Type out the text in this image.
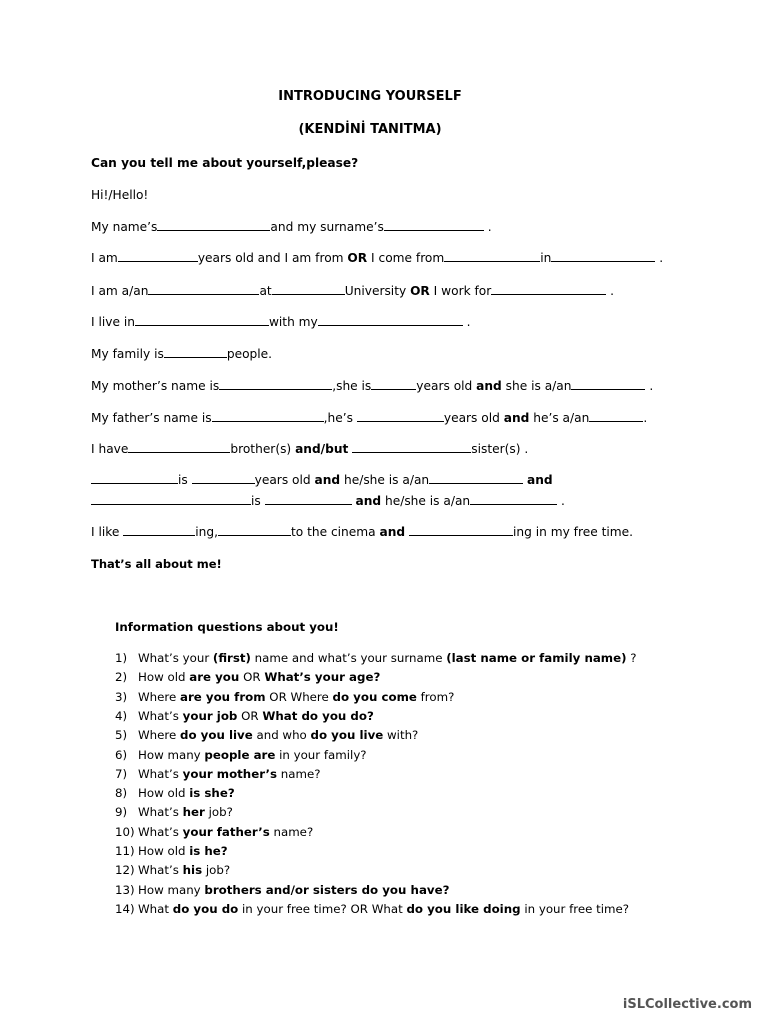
INTRODUCING YOURSELF
(KENDİNİ TANITMA)
Can you tell me about yourself,please?
Hi!/Hello!
My name’s	and my surname’s	.
I am	years old and I am from OR I come from	in	.
I am a/an	at	University OR I work for	.
I live in	with my	.
My family is	people.
My mother’s name is	,she is	years old and she is a/an	.
My father’s name is	,he’s	years old and he’s a/an	.
I have	brother(s) and/but	sister(s) .
is	years old and he/she is a/an	and
is	and he/she is a/an	.
I like	ing,	to the cinema and	ing in my free time.
That’s all about me!
Information questions about you!
1) What’s your (first) name and what’s your surname (last name or family name) ?
2) How old are you OR What’s your age?
3) Where are you from OR Where do you come from?
4) What’s your job OR What do you do?
5) Where do you live and who do you live with?
6) How many people are in your family?
7) What’s your mother’s name?
8) How old is she?
9) What’s her job?
10) What’s your father’s name?
11) How old is he?
12) What’s his job?
13) How many brothers and/or sisters do you have?
14) What do you do in your free time? OR What do you like doing in your free time?
iSLCollective.com
